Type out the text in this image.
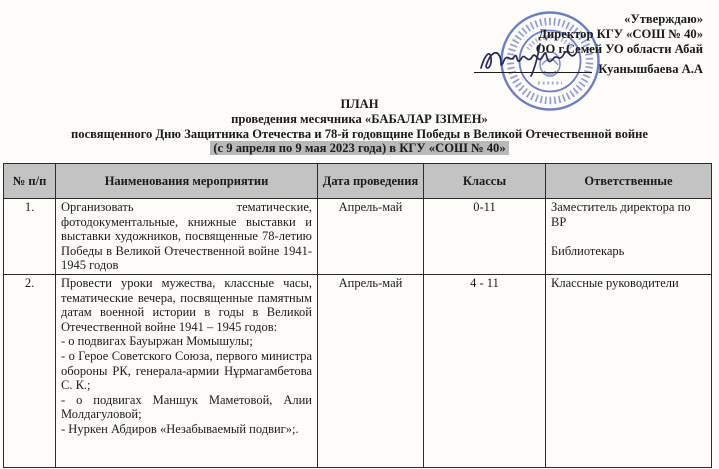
«Утверждаю»
Директор КГУ «СОШ № 40»
ОО г.Семей УО области Абай
Куанышбаева А.А
ПЛАН
проведения месячника «БАБАЛАР ІЗІМЕН»
посвященного Дню Защитника Отечества и 78-й годовщине Победы в Великой Отечественной войне
(с 9 апреля по 9 мая 2023 года) в КГУ «СОШ № 40»
№ п/п	Наименования мероприятии	Дата проведения	Классы	Ответственные
1.	Организовать тематические, фотодокументальные, книжные выставки и выставки художников, посвященные 78-летию Победы в Великой Отечественной войне 1941-1945 годов	Апрель-май	0-11	Заместитель директора по ВР

Библиотекарь

2.	Провести уроки мужества, классные часы, тематические вечера, посвященные памятным датам военной истории в годы в Великой Отечественной войне 1941 – 1945 годов:
- о подвигах Бауыржан Момышулы;
- о Герое Советского Союза, первого министра обороны РК, генерала-армии Нұрмагамбетова С. К.;
- о подвигах Маншук Маметовой, Алии Молдагуловой;
- Нуркен Абдиров «Незабываемый подвиг»;.	Апрель-май	4 - 11	Классные руководители
